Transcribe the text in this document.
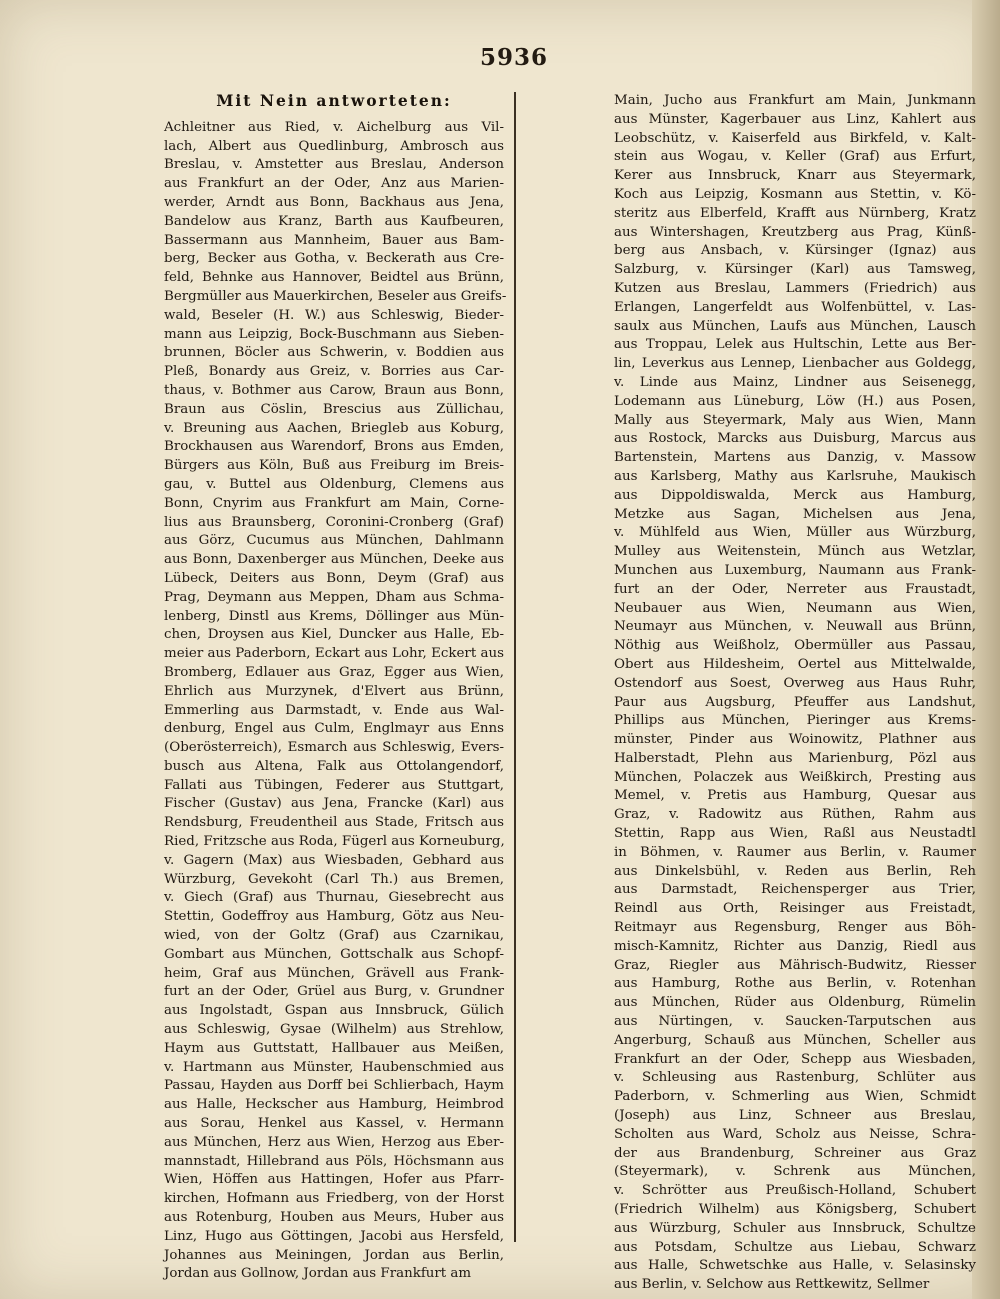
5936
Mit Nein antworteten:
Achleitner aus Ried, v. Aichelburg aus Vil-
lach, Albert aus Quedlinburg, Ambrosch aus
Breslau, v. Amstetter aus Breslau, Anderson
aus Frankfurt an der Oder, Anz aus Marien-
werder, Arndt aus Bonn, Backhaus aus Jena,
Bandelow aus Kranz, Barth aus Kaufbeuren,
Bassermann aus Mannheim, Bauer aus Bam-
berg, Becker aus Gotha, v. Beckerath aus Cre-
feld, Behnke aus Hannover, Beidtel aus Brünn,
Bergmüller aus Mauerkirchen, Beseler aus Greifs-
wald, Beseler (H. W.) aus Schleswig, Bieder-
mann aus Leipzig, Bock-Buschmann aus Sieben-
brunnen, Böcler aus Schwerin, v. Boddien aus
Pleß, Bonardy aus Greiz, v. Borries aus Car-
thaus, v. Bothmer aus Carow, Braun aus Bonn,
Braun aus Cöslin, Brescius aus Züllichau,
v. Breuning aus Aachen, Briegleb aus Koburg,
Brockhausen aus Warendorf, Brons aus Emden,
Bürgers aus Köln, Buß aus Freiburg im Breis-
gau, v. Buttel aus Oldenburg, Clemens aus
Bonn, Cnyrim aus Frankfurt am Main, Corne-
lius aus Braunsberg, Coronini-Cronberg (Graf)
aus Görz, Cucumus aus München, Dahlmann
aus Bonn, Daxenberger aus München, Deeke aus
Lübeck, Deiters aus Bonn, Deym (Graf) aus
Prag, Deymann aus Meppen, Dham aus Schma-
lenberg, Dinstl aus Krems, Döllinger aus Mün-
chen, Droysen aus Kiel, Duncker aus Halle, Eb-
meier aus Paderborn, Eckart aus Lohr, Eckert aus
Bromberg, Edlauer aus Graz, Egger aus Wien,
Ehrlich aus Murzynek, d'Elvert aus Brünn,
Emmerling aus Darmstadt, v. Ende aus Wal-
denburg, Engel aus Culm, Englmayr aus Enns
(Oberösterreich), Esmarch aus Schleswig, Evers-
busch aus Altena, Falk aus Ottolangendorf,
Fallati aus Tübingen, Federer aus Stuttgart,
Fischer (Gustav) aus Jena, Francke (Karl) aus
Rendsburg, Freudentheil aus Stade, Fritsch aus
Ried, Fritzsche aus Roda, Fügerl aus Korneuburg,
v. Gagern (Max) aus Wiesbaden, Gebhard aus
Würzburg, Gevekoht (Carl Th.) aus Bremen,
v. Giech (Graf) aus Thurnau, Giesebrecht aus
Stettin, Godeffroy aus Hamburg, Götz aus Neu-
wied, von der Goltz (Graf) aus Czarnikau,
Gombart aus München, Gottschalk aus Schopf-
heim, Graf aus München, Grävell aus Frank-
furt an der Oder, Grüel aus Burg, v. Grundner
aus Ingolstadt, Gspan aus Innsbruck, Gülich
aus Schleswig, Gysae (Wilhelm) aus Strehlow,
Haym aus Guttstatt, Hallbauer aus Meißen,
v. Hartmann aus Münster, Haubenschmied aus
Passau, Hayden aus Dorff bei Schlierbach, Haym
aus Halle, Heckscher aus Hamburg, Heimbrod
aus Sorau, Henkel aus Kassel, v. Hermann
aus München, Herz aus Wien, Herzog aus Eber-
mannstadt, Hillebrand aus Pöls, Höchsmann aus
Wien, Höffen aus Hattingen, Hofer aus Pfarr-
kirchen, Hofmann aus Friedberg, von der Horst
aus Rotenburg, Houben aus Meurs, Huber aus
Linz, Hugo aus Göttingen, Jacobi aus Hersfeld,
Johannes aus Meiningen, Jordan aus Berlin,
Jordan aus Gollnow, Jordan aus Frankfurt am
Main, Jucho aus Frankfurt am Main, Junkmann
aus Münster, Kagerbauer aus Linz, Kahlert aus
Leobschütz, v. Kaiserfeld aus Birkfeld, v. Kalt-
stein aus Wogau, v. Keller (Graf) aus Erfurt,
Kerer aus Innsbruck, Knarr aus Steyermark,
Koch aus Leipzig, Kosmann aus Stettin, v. Kö-
steritz aus Elberfeld, Krafft aus Nürnberg, Kratz
aus Wintershagen, Kreutzberg aus Prag, Künß-
berg aus Ansbach, v. Kürsinger (Ignaz) aus
Salzburg, v. Kürsinger (Karl) aus Tamsweg,
Kutzen aus Breslau, Lammers (Friedrich) aus
Erlangen, Langerfeldt aus Wolfenbüttel, v. Las-
saulx aus München, Laufs aus München, Lausch
aus Troppau, Lelek aus Hultschin, Lette aus Ber-
lin, Leverkus aus Lennep, Lienbacher aus Goldegg,
v. Linde aus Mainz, Lindner aus Seisenegg,
Lodemann aus Lüneburg, Löw (H.) aus Posen,
Mally aus Steyermark, Maly aus Wien, Mann
aus Rostock, Marcks aus Duisburg, Marcus aus
Bartenstein, Martens aus Danzig, v. Massow
aus Karlsberg, Mathy aus Karlsruhe, Maukisch
aus Dippoldiswalda, Merck aus Hamburg,
Metzke aus Sagan, Michelsen aus Jena,
v. Mühlfeld aus Wien, Müller aus Würzburg,
Mulley aus Weitenstein, Münch aus Wetzlar,
Munchen aus Luxemburg, Naumann aus Frank-
furt an der Oder, Nerreter aus Fraustadt,
Neubauer aus Wien, Neumann aus Wien,
Neumayr aus München, v. Neuwall aus Brünn,
Nöthig aus Weißholz, Obermüller aus Passau,
Obert aus Hildesheim, Oertel aus Mittelwalde,
Ostendorf aus Soest, Overweg aus Haus Ruhr,
Paur aus Augsburg, Pfeuffer aus Landshut,
Phillips aus München, Pieringer aus Krems-
münster, Pinder aus Woinowitz, Plathner aus
Halberstadt, Plehn aus Marienburg, Pözl aus
München, Polaczek aus Weißkirch, Presting aus
Memel, v. Pretis aus Hamburg, Quesar aus
Graz, v. Radowitz aus Rüthen, Rahm aus
Stettin, Rapp aus Wien, Raßl aus Neustadtl
in Böhmen, v. Raumer aus Berlin, v. Raumer
aus Dinkelsbühl, v. Reden aus Berlin, Reh
aus Darmstadt, Reichensperger aus Trier,
Reindl aus Orth, Reisinger aus Freistadt,
Reitmayr aus Regensburg, Renger aus Böh-
misch-Kamnitz, Richter aus Danzig, Riedl aus
Graz, Riegler aus Mährisch-Budwitz, Riesser
aus Hamburg, Rothe aus Berlin, v. Rotenhan
aus München, Rüder aus Oldenburg, Rümelin
aus Nürtingen, v. Saucken-Tarputschen aus
Angerburg, Schauß aus München, Scheller aus
Frankfurt an der Oder, Schepp aus Wiesbaden,
v. Schleusing aus Rastenburg, Schlüter aus
Paderborn, v. Schmerling aus Wien, Schmidt
(Joseph) aus Linz, Schneer aus Breslau,
Scholten aus Ward, Scholz aus Neisse, Schra-
der aus Brandenburg, Schreiner aus Graz
(Steyermark), v. Schrenk aus München,
v. Schrötter aus Preußisch-Holland, Schubert
(Friedrich Wilhelm) aus Königsberg, Schubert
aus Würzburg, Schuler aus Innsbruck, Schultze
aus Potsdam, Schultze aus Liebau, Schwarz
aus Halle, Schwetschke aus Halle, v. Selasinsky
aus Berlin, v. Selchow aus Rettkewitz, Sellmer
